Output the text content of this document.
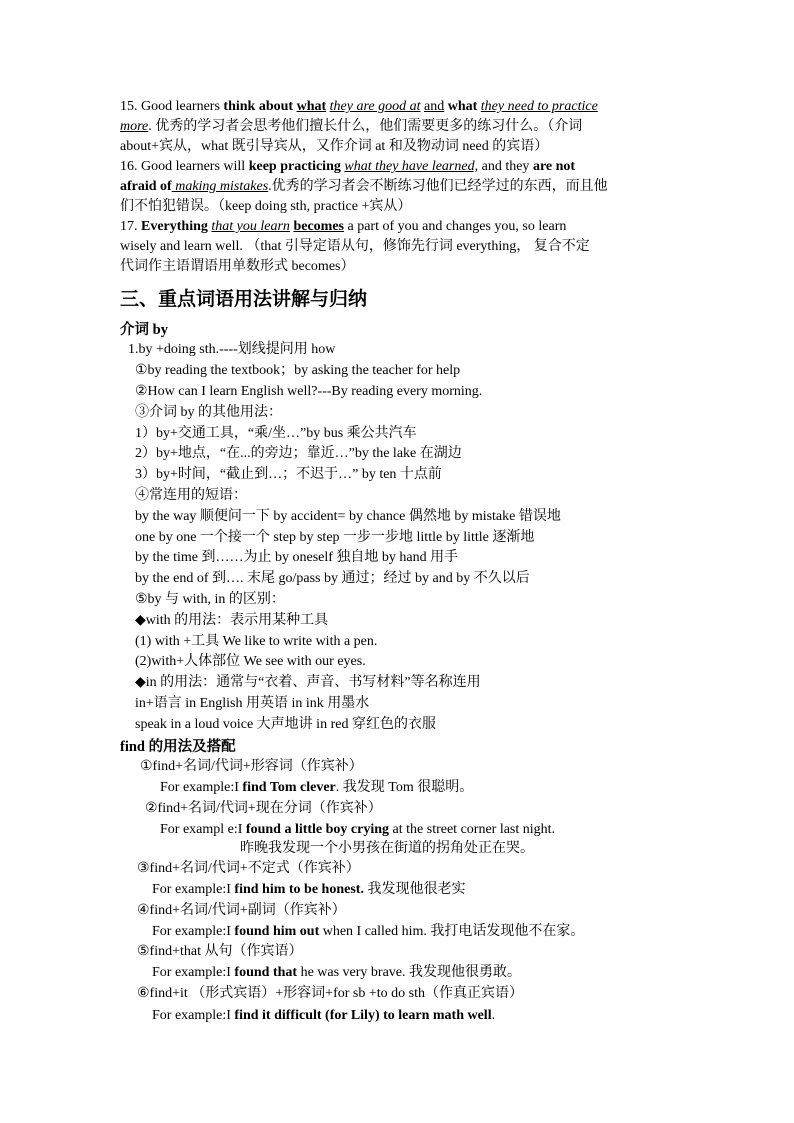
15. Good learners think about what they are good at and what they need to practice
more. 优秀的学习者会思考他们擅长什么，他们需要更多的练习什么。（介词
about+宾从，what 既引导宾从，又作介词 at 和及物动词 need 的宾语）
16. Good learners will keep practicing what they have learned, and they are not
afraid of making mistakes.优秀的学习者会不断练习他们已经学过的东西，而且他
们不怕犯错误。（keep doing sth, practice +宾从）
17. Everything that you learn becomes a part of you and changes you, so learn
wisely and learn well. （that 引导定语从句，修饰先行词 everything， 复合不定
代词作主语谓语用单数形式 becomes）
三、重点词语用法讲解与归纳
介词 by
1.by +doing sth.----划线提问用 how
①by reading the textbook；by asking the teacher for help
②How can I learn English well?---By reading every morning.
③介词 by 的其他用法：
1）by+交通工具，“乘/坐…”by bus 乘公共汽车
2）by+地点，“在...的旁边；靠近…”by the lake 在湖边
3）by+时间，“截止到…；不迟于…” by ten 十点前
④常连用的短语：
by the way 顺便问一下 by accident= by chance 偶然地 by mistake 错误地
one by one 一个接一个 step by step 一步一步地 little by little 逐渐地
by the time 到……为止 by oneself 独自地 by hand 用手
by the end of 到…. 末尾 go/pass by 通过；经过 by and by 不久以后
⑤by 与 with, in 的区别：
◆with 的用法：表示用某种工具
(1) with +工具 We like to write with a pen.
(2)with+人体部位 We see with our eyes.
◆in 的用法：通常与“衣着、声音、书写材料”等名称连用
in+语言 in English 用英语 in ink 用墨水
speak in a loud voice 大声地讲 in red 穿红色的衣服
find 的用法及搭配
①find+名词/代词+形容词（作宾补）
For example:I find Tom clever. 我发现 Tom 很聪明。
②find+名词/代词+现在分词（作宾补）
For exampl e:I found a little boy crying at the street corner last night.
昨晚我发现一个小男孩在街道的拐角处正在哭。
③find+名词/代词+不定式（作宾补）
For example:I find him to be honest. 我发现他很老实
④find+名词/代词+副词（作宾补）
For example:I found him out when I called him. 我打电话发现他不在家。
⑤find+that 从句（作宾语）
For example:I found that he was very brave. 我发现他很勇敢。
⑥find+it （形式宾语）+形容词+for sb +to do sth（作真正宾语）
For example:I find it difficult (for Lily) to learn math well.
